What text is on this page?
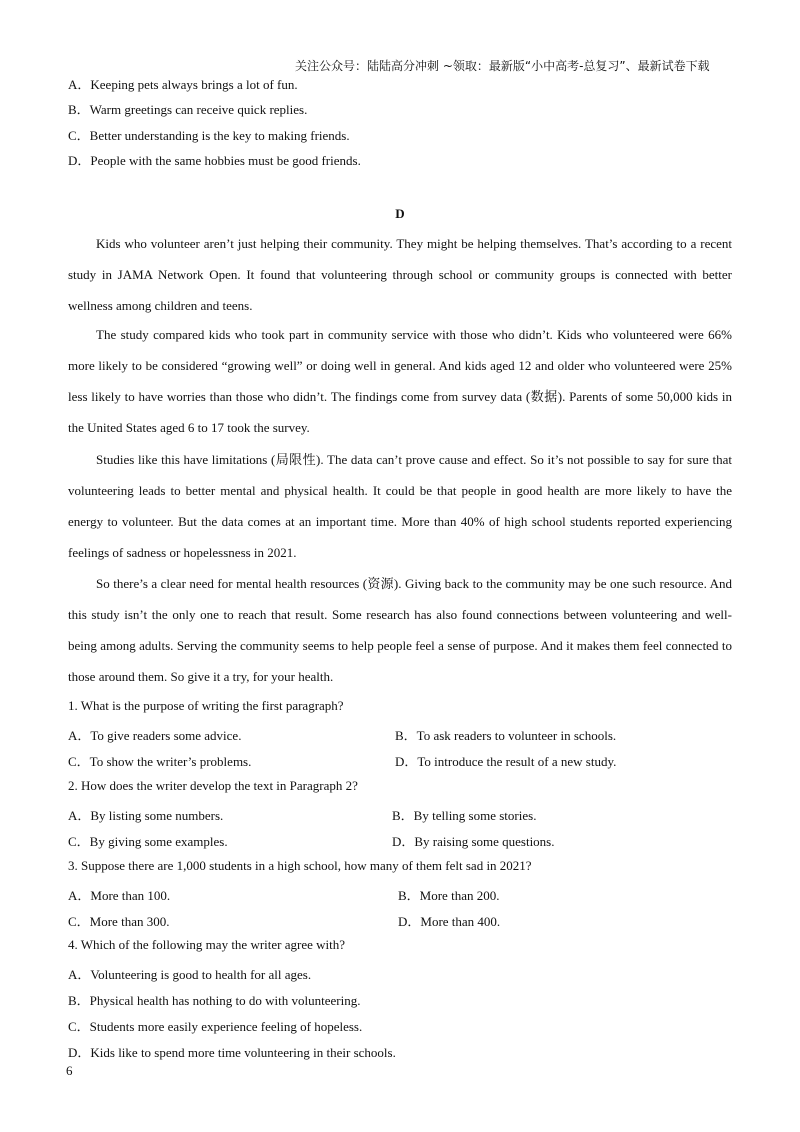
关注公众号：陆陆高分冲刺 ~领取：最新版“小中高考-总复习”、最新试卷下载
A．Keeping pets always brings a lot of fun.
B．Warm greetings can receive quick replies.
C．Better understanding is the key to making friends.
D．People with the same hobbies must be good friends.
D
Kids who volunteer aren’t just helping their community. They might be helping themselves. That’s according to a recent study in JAMA Network Open. It found that volunteering through school or community groups is connected with better wellness among children and teens.
The study compared kids who took part in community service with those who didn’t. Kids who volunteered were 66% more likely to be considered “growing well” or doing well in general. And kids aged 12 and older who volunteered were 25% less likely to have worries than those who didn’t. The findings come from survey data (数据). Parents of some 50,000 kids in the United States aged 6 to 17 took the survey.
Studies like this have limitations (局限性). The data can’t prove cause and effect. So it’s not possible to say for sure that volunteering leads to better mental and physical health. It could be that people in good health are more likely to have the energy to volunteer. But the data comes at an important time. More than 40% of high school students reported experiencing feelings of sadness or hopelessness in 2021.
So there’s a clear need for mental health resources (资源). Giving back to the community may be one such resource. And this study isn’t the only one to reach that result. Some research has also found connections between volunteering and well-being among adults. Serving the community seems to help people feel a sense of purpose. And it makes them feel connected to those around them. So give it a try, for your health.
1. What is the purpose of writing the first paragraph?
A．To give readers some advice.	B．To ask readers to volunteer in schools.
C．To show the writer’s problems.	D．To introduce the result of a new study.
2. How does the writer develop the text in Paragraph 2?
A．By listing some numbers.	B．By telling some stories.
C．By giving some examples.	D．By raising some questions.
3. Suppose there are 1,000 students in a high school, how many of them felt sad in 2021?
A．More than 100.	B．More than 200.
C．More than 300.	D．More than 400.
4. Which of the following may the writer agree with?
A．Volunteering is good to health for all ages.
B．Physical health has nothing to do with volunteering.
C．Students more easily experience feeling of hopeless.
D．Kids like to spend more time volunteering in their schools.
6
